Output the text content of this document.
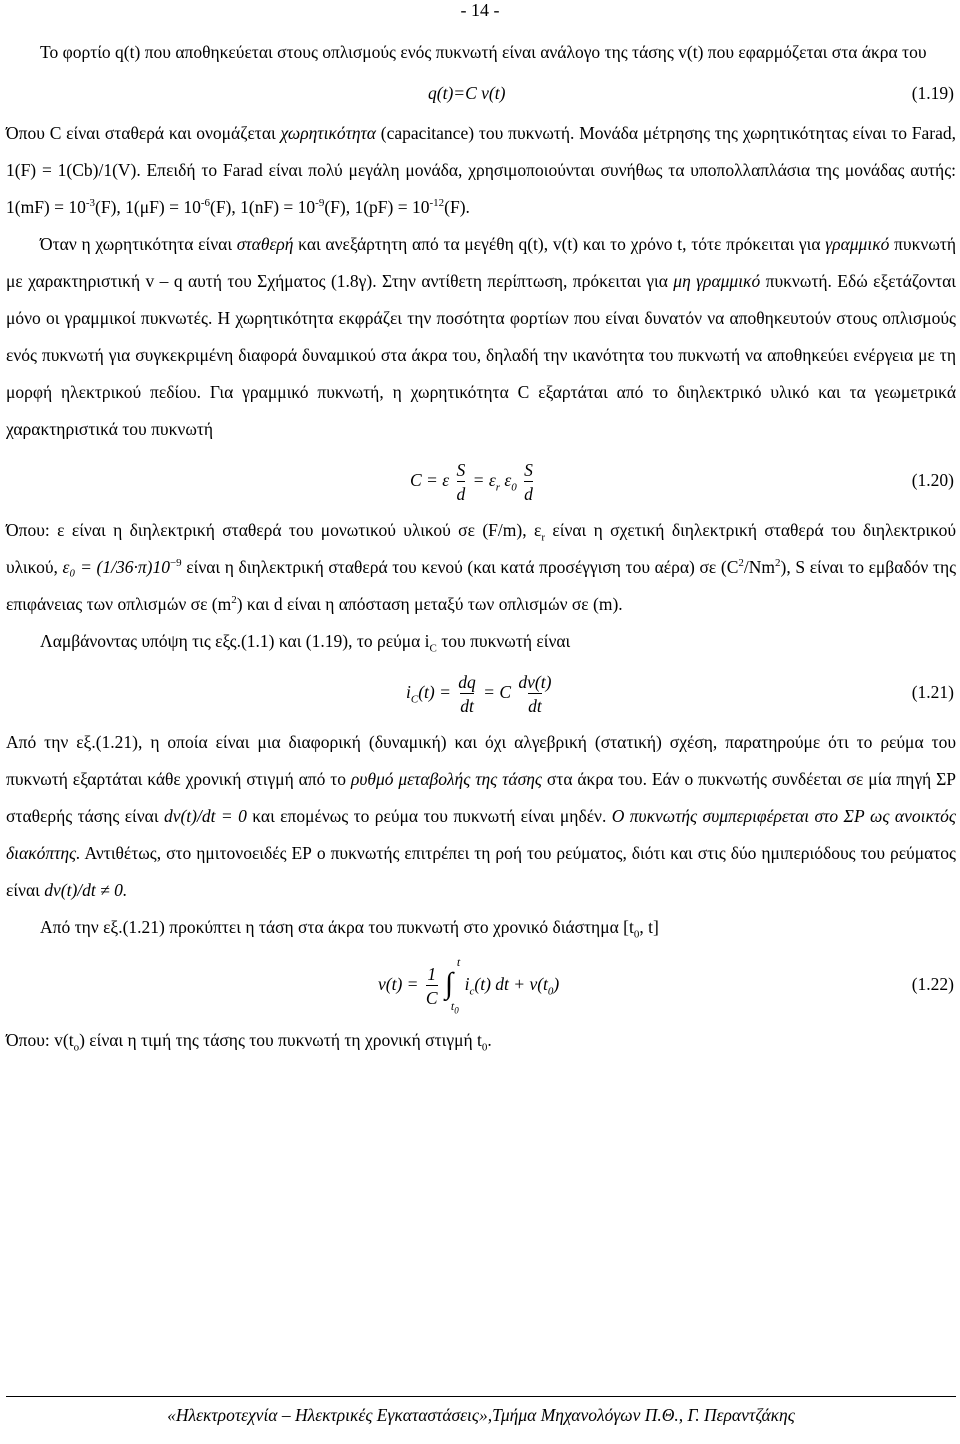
- 14 -

Το φορτίο q(t) που αποθηκεύεται στους οπλισμούς ενός πυκνωτή είναι ανάλογο της τάσης v(t) που εφαρμόζεται στα άκρα του

q(t)=C v(t)	(1.19)

Όπου C είναι σταθερά και ονομάζεται χωρητικότητα (capacitance) του πυκνωτή. Μονάδα μέτρησης της χωρητικότητας είναι το Farad, 1(F) = 1(Cb)/1(V). Επειδή το Farad είναι πολύ μεγάλη μονάδα, χρησιμοποιούνται συνήθως τα υποπολλαπλάσια της μονάδας αυτής: $1(mF) = 10^{-3}(F)$, $1(\mu F) = 10^{-6}(F)$, $1(nF) = 10^{-9}(F)$, $1(pF) = 10^{-12}(F)$.

Όταν η χωρητικότητα είναι σταθερή και ανεξάρτητη από τα μεγέθη q(t), v(t) και το χρόνο t, τότε πρόκειται για γραμμικό πυκνωτή με χαρακτηριστική v – q αυτή του Σχήματος (1.8γ). Στην αντίθετη περίπτωση, πρόκειται για μη γραμμικό πυκνωτή. Εδώ εξετάζονται μόνο οι γραμμικοί πυκνωτές. Η χωρητικότητα εκφράζει την ποσότητα φορτίων που είναι δυνατόν να αποθηκευτούν στους οπλισμούς ενός πυκνωτή για συγκεκριμένη διαφορά δυναμικού στα άκρα του, δηλαδή την ικανότητα του πυκνωτή να αποθηκεύει ενέργεια με τη μορφή ηλεκτρικού πεδίου. Για γραμμικό πυκνωτή, η χωρητικότητα C εξαρτάται από το διηλεκτρικό υλικό και τα γεωμετρικά χαρακτηριστικά του πυκνωτή

C = ε $\frac{S}{d} = \varepsilon_r$ $\varepsilon_0 \frac{S}{d}$	(1.20)

Όπου: ε είναι η διηλεκτρική σταθερά του μονωτικού υλικού σε (F/m), $\varepsilon_r$ είναι η σχετική διηλεκτρική σταθερά του διηλεκτρικού υλικού, $\varepsilon_0 = (1/36\cdot\pi)10^{-9}$ είναι η διηλεκτρική σταθερά του κενού (και κατά προσέγγιση του αέρα) σε $(C^2/Nm^2)$, S είναι το εμβαδόν της επιφάνειας των οπλισμών σε $(m^2)$ και d είναι η απόσταση μεταξύ των οπλισμών σε (m).

Λαμβάνοντας υπόψη τις εξς.(1.1) και (1.19), το ρεύμα $i_C$ του πυκνωτή είναι

$i_C(t) = \frac{dq}{dt} = C \frac{dv(t)}{dt}$	(1.21)

Από την εξ.(1.21), η οποία είναι μια διαφορική (δυναμική) και όχι αλγεβρική (στατική) σχέση, παρατηρούμε ότι το ρεύμα του πυκνωτή εξαρτάται κάθε χρονική στιγμή από το ρυθμό μεταβολής της τάσης στα άκρα του. Εάν ο πυκνωτής συνδέεται σε μία πηγή ΣΡ σταθερής τάσης είναι dv(t)/dt = 0 και επομένως το ρεύμα του πυκνωτή είναι μηδέν. Ο πυκνωτής συμπεριφέρεται στο ΣΡ ως ανοικτός διακόπτης. Αντιθέτως, στο ημιτονοειδές ΕΡ ο πυκνωτής επιτρέπει τη ροή του ρεύματος, διότι και στις δύο ημιπεριόδους του ρεύματος είναι dv(t)/dt ≠ 0.

Από την εξ.(1.21) προκύπτει η τάση στα άκρα του πυκνωτή στο χρονικό διάστημα [$t_0$, t]

$v(t) = \frac{1}{C}$

t
∫
$t_0$
$i_c(t)$ dt + $v(t_0)$	(1.22)

Όπου: $v(t_o)$ είναι η τιμή της τάσης του πυκνωτή τη χρονική στιγμή $t_0$.

«Ηλεκτροτεχνία – Ηλεκτρικές Εγκαταστάσεις»,Τμήμα Μηχανολόγων Π.Θ., Γ. Περαντζάκης
